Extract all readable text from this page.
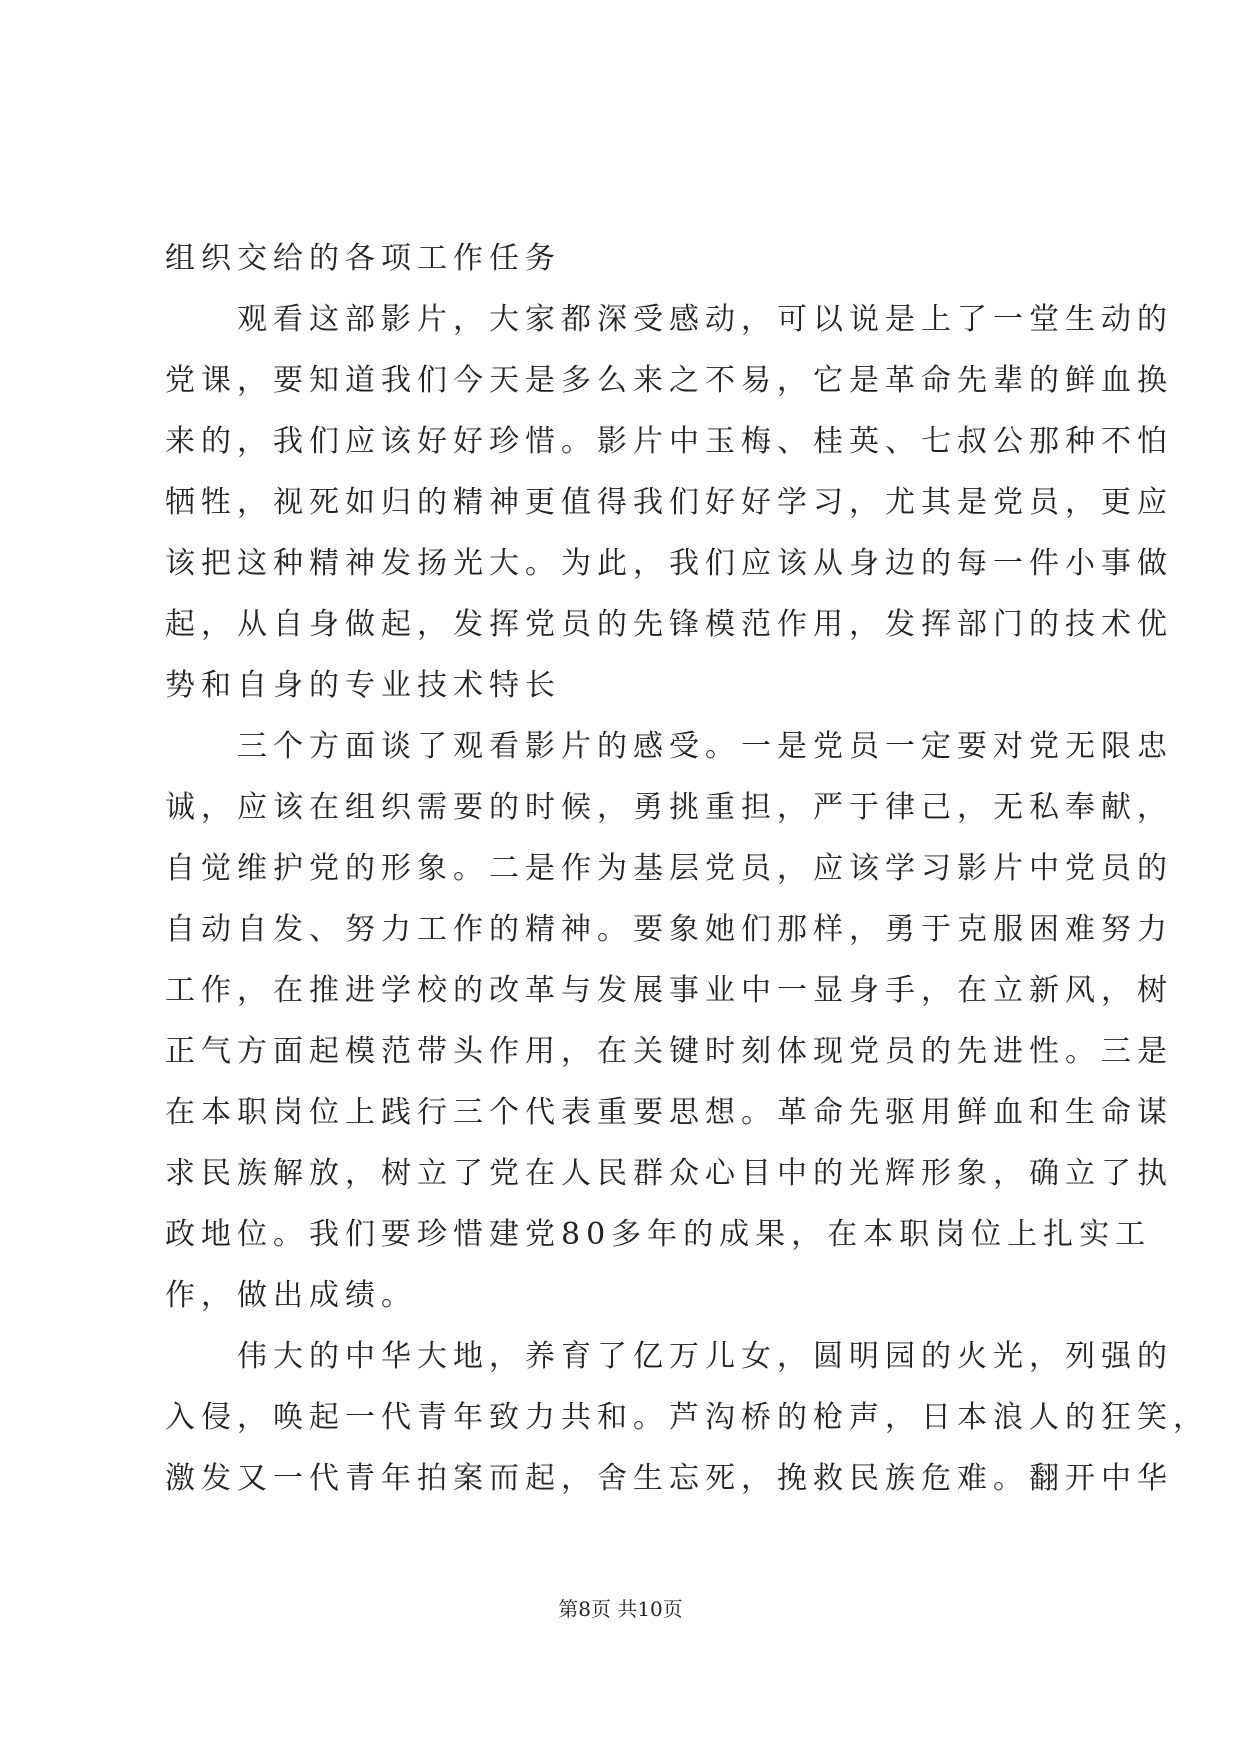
组织交给的各项工作任务
　　观看这部影片，大家都深受感动，可以说是上了一堂生动的
党课，要知道我们今天是多么来之不易，它是革命先辈的鲜血换
来的，我们应该好好珍惜。影片中玉梅、桂英、七叔公那种不怕
牺牲，视死如归的精神更值得我们好好学习，尤其是党员，更应
该把这种精神发扬光大。为此，我们应该从身边的每一件小事做
起，从自身做起，发挥党员的先锋模范作用，发挥部门的技术优
势和自身的专业技术特长
　　三个方面谈了观看影片的感受。一是党员一定要对党无限忠
诚，应该在组织需要的时候，勇挑重担，严于律己，无私奉献，
自觉维护党的形象。二是作为基层党员，应该学习影片中党员的
自动自发、努力工作的精神。要象她们那样，勇于克服困难努力
工作，在推进学校的改革与发展事业中一显身手，在立新风，树
正气方面起模范带头作用，在关键时刻体现党员的先进性。三是
在本职岗位上践行三个代表重要思想。革命先驱用鲜血和生命谋
求民族解放，树立了党在人民群众心目中的光辉形象，确立了执
政地位。我们要珍惜建党80多年的成果，在本职岗位上扎实工
作，做出成绩。
　　伟大的中华大地，养育了亿万儿女，圆明园的火光，列强的
入侵，唤起一代青年致力共和。芦沟桥的枪声，日本浪人的狂笑，
激发又一代青年拍案而起，舍生忘死，挽救民族危难。翻开中华
第8页 共10页
